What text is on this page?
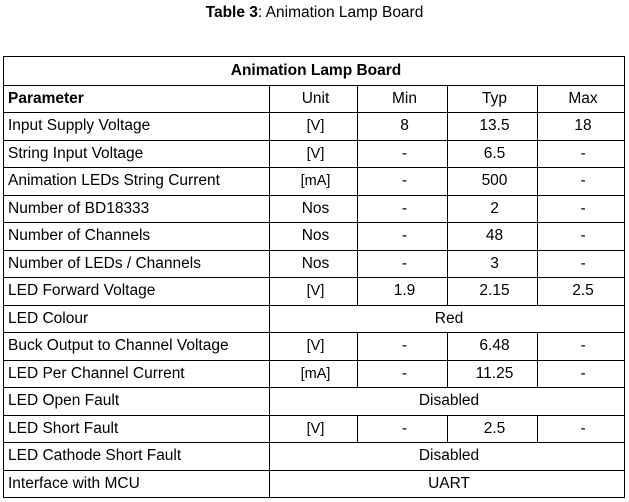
Table 3: Animation Lamp Board
Animation Lamp Board				
Parameter	Unit	Min	Typ	Max
Input Supply Voltage	[V]	8	13.5	18
String Input Voltage	[V]	-	6.5	-
Animation LEDs String Current	[mA]	-	500	-
Number of BD18333	Nos	-	2	-
Number of Channels	Nos	-	48	-
Number of LEDs / Channels	Nos	-	3	-
LED Forward Voltage	[V]	1.9	2.15	2.5
LED Colour	Red			
Buck Output to Channel Voltage	[V]	-	6.48	-
LED Per Channel Current	[mA]	-	11.25	-
LED Open Fault	Disabled			
LED Short Fault	[V]	-	2.5	-
LED Cathode Short Fault	Disabled			
Interface with MCU	UART			
